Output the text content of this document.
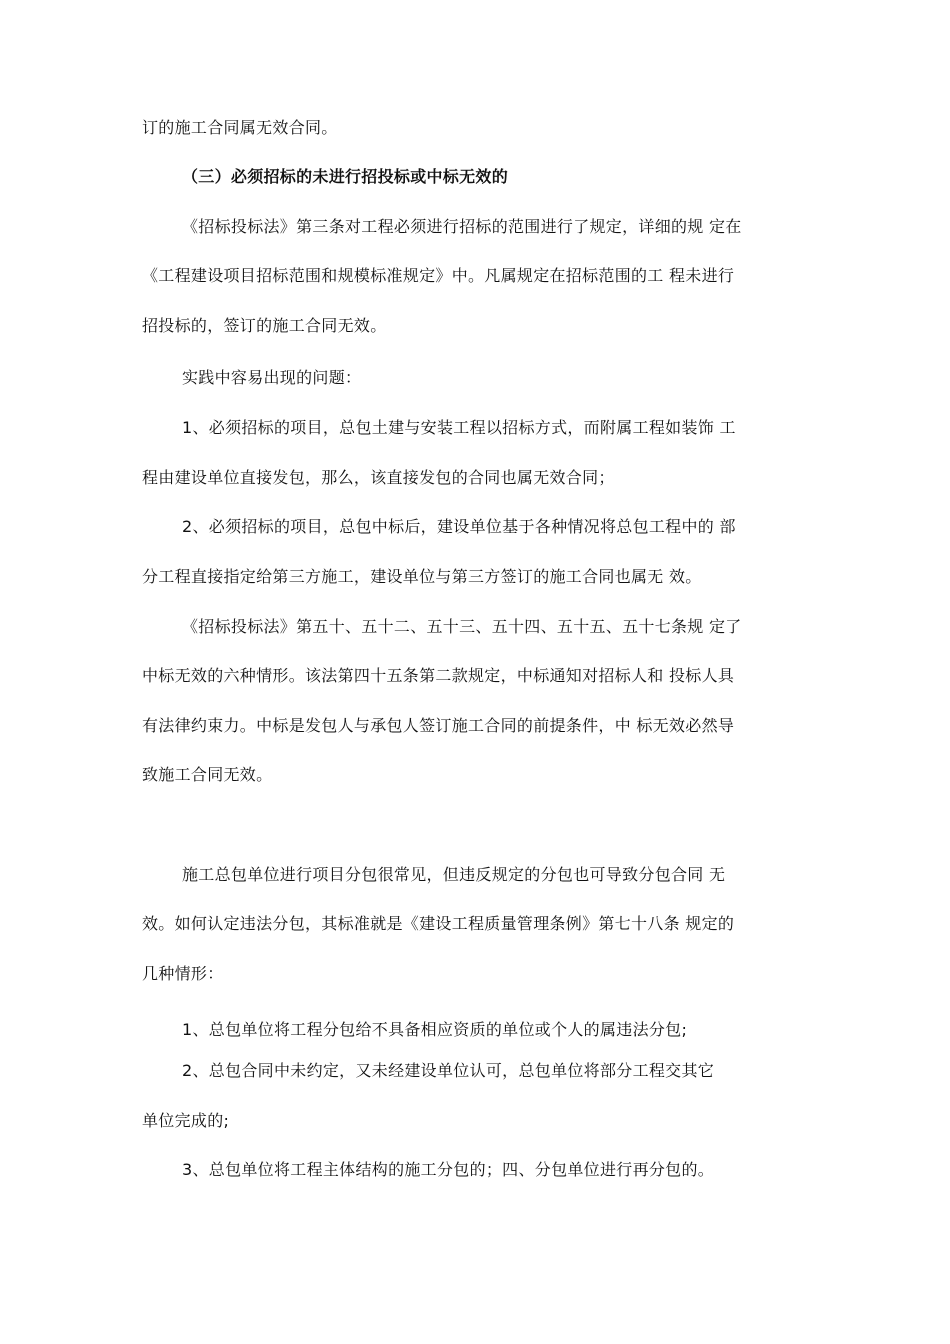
订的施工合同属无效合同。
（三）必须招标的未进行招投标或中标无效的
《招标投标法》第三条对工程必须进行招标的范围进行了规定，详细的规 定在
《工程建设项目招标范围和规模标准规定》中。凡属规定在招标范围的工 程未进行
招投标的，签订的施工合同无效。
实践中容易出现的问题：
1、必须招标的项目，总包土建与安装工程以招标方式，而附属工程如装饰 工
程由建设单位直接发包，那么，该直接发包的合同也属无效合同；
2、必须招标的项目，总包中标后，建设单位基于各种情况将总包工程中的 部
分工程直接指定给第三方施工，建设单位与第三方签订的施工合同也属无 效。
《招标投标法》第五十、五十二、五十三、五十四、五十五、五十七条规 定了
中标无效的六种情形。该法第四十五条第二款规定，中标通知对招标人和 投标人具
有法律约束力。中标是发包人与承包人签订施工合同的前提条件，中 标无效必然导
致施工合同无效。
施工总包单位进行项目分包很常见，但违反规定的分包也可导致分包合同 无
效。如何认定违法分包，其标准就是《建设工程质量管理条例》第七十八条 规定的
几种情形：
1、总包单位将工程分包给不具备相应资质的单位或个人的属违法分包;
2、总包合同中未约定，又未经建设单位认可，总包单位将部分工程交其它
单位完成的;
3、总包单位将工程主体结构的施工分包的；四、分包单位进行再分包的。
